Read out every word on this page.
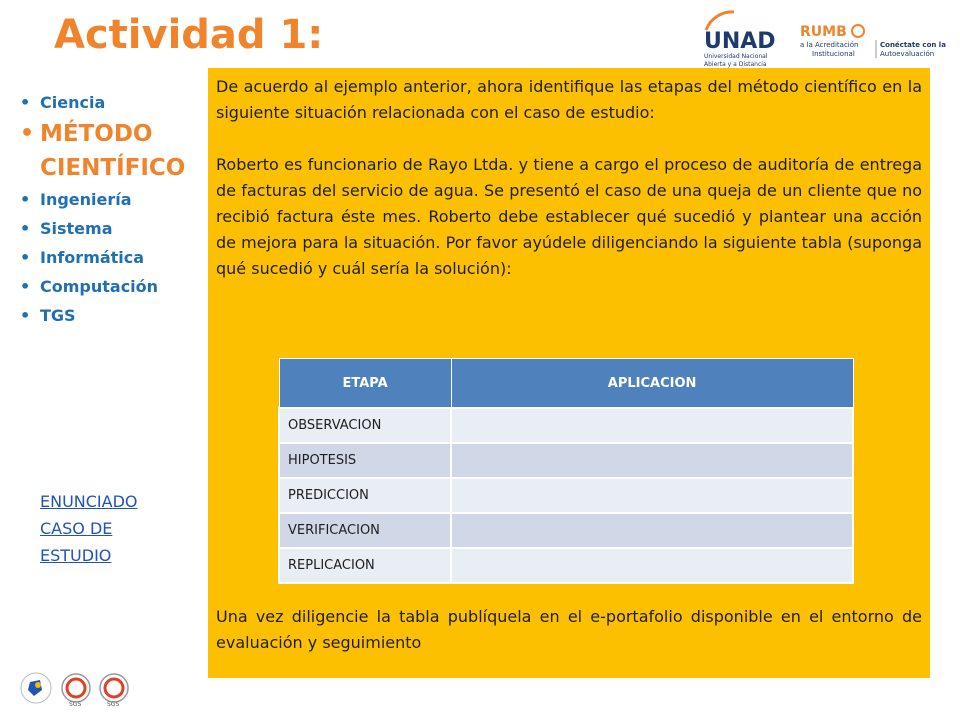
Actividad 1:	UNAD
Universidad Nacional
Abierta y a Distancia
RUMB
a la Acreditación
Institucional
Conéctate con la
Autoevaluación
• Ciencia
• MÉTODO
CIENTÍFICO
• Ingeniería
• Sistema
• Informática
• Computación
• TGS
ENUNCIADO
CASO DE
ESTUDIO

De acuerdo al ejemplo anterior, ahora identifique las etapas del método científico en la siguiente situación relacionada con el caso de estudio:

Roberto es funcionario de Rayo Ltda. y tiene a cargo el proceso de auditoría de entrega de facturas del servicio de agua. Se presentó el caso de una queja de un cliente que no recibió factura éste mes. Roberto debe establecer qué sucedió y plantear una acción de mejora para la situación. Por favor ayúdele diligenciando la siguiente tabla (suponga qué sucedió y cuál sería la solución):

ETAPA	APLICACION
OBSERVACION	
HIPOTESIS	
PREDICCION	
VERIFICACION	
REPLICACION	

Una vez diligencie la tabla publíquela en el e-portafolio disponible en el entorno de evaluación y seguimiento

SGS	SGS
